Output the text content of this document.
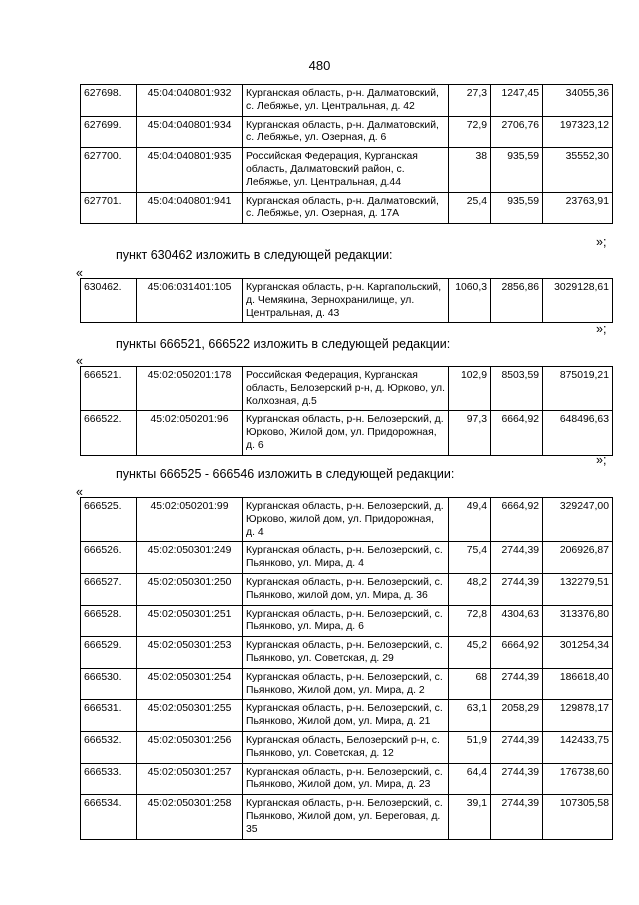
480
627698.	45:04:040801:932	Курганская область, р-н. Далматовский, с. Лебяжье, ул. Центральная, д. 42	27,3	1247,45	34055,36
627699.	45:04:040801:934	Курганская область, р-н. Далматовский, с. Лебяжье, ул. Озерная, д. 6	72,9	2706,76	197323,12
627700.	45:04:040801:935	Российская Федерация, Курганская область, Далматовский район, с. Лебяжье, ул. Центральная, д.44	38	935,59	35552,30
627701.	45:04:040801:941	Курганская область, р-н. Далматовский, с. Лебяжье, ул. Озерная, д. 17А	25,4	935,59	23763,91
»;
пункт 630462 изложить в следующей редакции:
«
630462.	45:06:031401:105	Курганская область, р-н. Каргапольский, д. Чемякина, Зернохранилище, ул. Центральная, д. 43	1060,3	2856,86	3029128,61
»;
пункты 666521, 666522 изложить в следующей редакции:
«
666521.	45:02:050201:178	Российская Федерация, Курганская область, Белозерский р-н, д. Юрково, ул. Колхозная, д.5	102,9	8503,59	875019,21
666522.	45:02:050201:96	Курганская область, р-н. Белозерский, д. Юрково, Жилой дом, ул. Придорожная, д. 6	97,3	6664,92	648496,63
»;
пункты 666525 - 666546 изложить в следующей редакции:
«
666525.	45:02:050201:99	Курганская область, р-н. Белозерский, д. Юрково, жилой дом, ул. Придорожная, д. 4	49,4	6664,92	329247,00
666526.	45:02:050301:249	Курганская область, р-н. Белозерский, с. Пьянково, ул. Мира, д. 4	75,4	2744,39	206926,87
666527.	45:02:050301:250	Курганская область, р-н. Белозерский, с. Пьянково, жилой дом, ул. Мира, д. 36	48,2	2744,39	132279,51
666528.	45:02:050301:251	Курганская область, р-н. Белозерский, с. Пьянково, ул. Мира, д. 6	72,8	4304,63	313376,80
666529.	45:02:050301:253	Курганская область, р-н. Белозерский, с. Пьянково, ул. Советская, д. 29	45,2	6664,92	301254,34
666530.	45:02:050301:254	Курганская область, р-н. Белозерский, с. Пьянково, Жилой дом, ул. Мира, д. 2	68	2744,39	186618,40
666531.	45:02:050301:255	Курганская область, р-н. Белозерский, с. Пьянково, Жилой дом, ул. Мира, д. 21	63,1	2058,29	129878,17
666532.	45:02:050301:256	Курганская область, Белозерский р-н, с. Пьянково, ул. Советская, д. 12	51,9	2744,39	142433,75
666533.	45:02:050301:257	Курганская область, р-н. Белозерский, с. Пьянково, Жилой дом, ул. Мира, д. 23	64,4	2744,39	176738,60
666534.	45:02:050301:258	Курганская область, р-н. Белозерский, с. Пьянково, Жилой дом, ул. Береговая, д. 35	39,1	2744,39	107305,58
